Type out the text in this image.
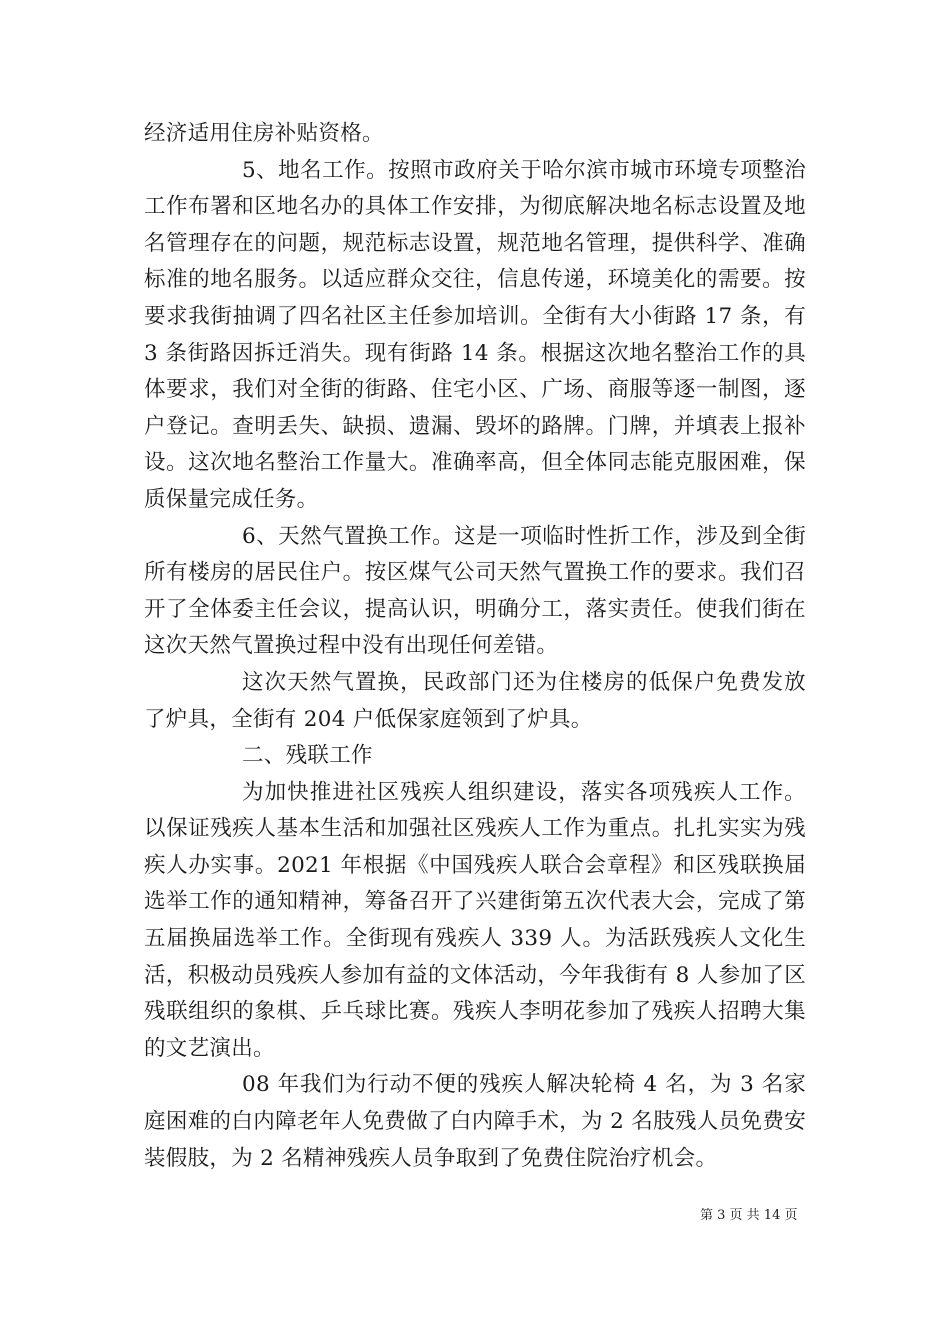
经济适用住房补贴资格。

5、地名工作。按照市政府关于哈尔滨市城市环境专项整治工作布署和区地名办的具体工作安排，为彻底解决地名标志设置及地名管理存在的问题，规范标志设置，规范地名管理，提供科学、准确标准的地名服务。以适应群众交往，信息传递，环境美化的需要。按要求我街抽调了四名社区主任参加培训。全街有大小街路 17 条，有 3 条街路因拆迁消失。现有街路 14 条。根据这次地名整治工作的具体要求，我们对全街的街路、住宅小区、广场、商服等逐一制图，逐户登记。查明丢失、缺损、遗漏、毁坏的路牌。门牌，并填表上报补设。这次地名整治工作量大。准确率高，但全体同志能克服困难，保质保量完成任务。

6、天然气置换工作。这是一项临时性折工作，涉及到全街所有楼房的居民住户。按区煤气公司天然气置换工作的要求。我们召开了全体委主任会议，提高认识，明确分工，落实责任。使我们街在这次天然气置换过程中没有出现任何差错。

这次天然气置换，民政部门还为住楼房的低保户免费发放了炉具，全街有 204 户低保家庭领到了炉具。

二、残联工作

为加快推进社区残疾人组织建设，落实各项残疾人工作。以保证残疾人基本生活和加强社区残疾人工作为重点。扎扎实实为残疾人办实事。2021 年根据《中国残疾人联合会章程》和区残联换届选举工作的通知精神，筹备召开了兴建街第五次代表大会，完成了第五届换届选举工作。全街现有残疾人 339 人。为活跃残疾人文化生活，积极动员残疾人参加有益的文体活动，今年我街有 8 人参加了区残联组织的象棋、乒乓球比赛。残疾人李明花参加了残疾人招聘大集的文艺演出。

08 年我们为行动不便的残疾人解决轮椅 4 名，为 3 名家庭困难的白内障老年人免费做了白内障手术，为 2 名肢残人员免费安装假肢，为 2 名精神残疾人员争取到了免费住院治疗机会。

第 3 页 共 14 页
